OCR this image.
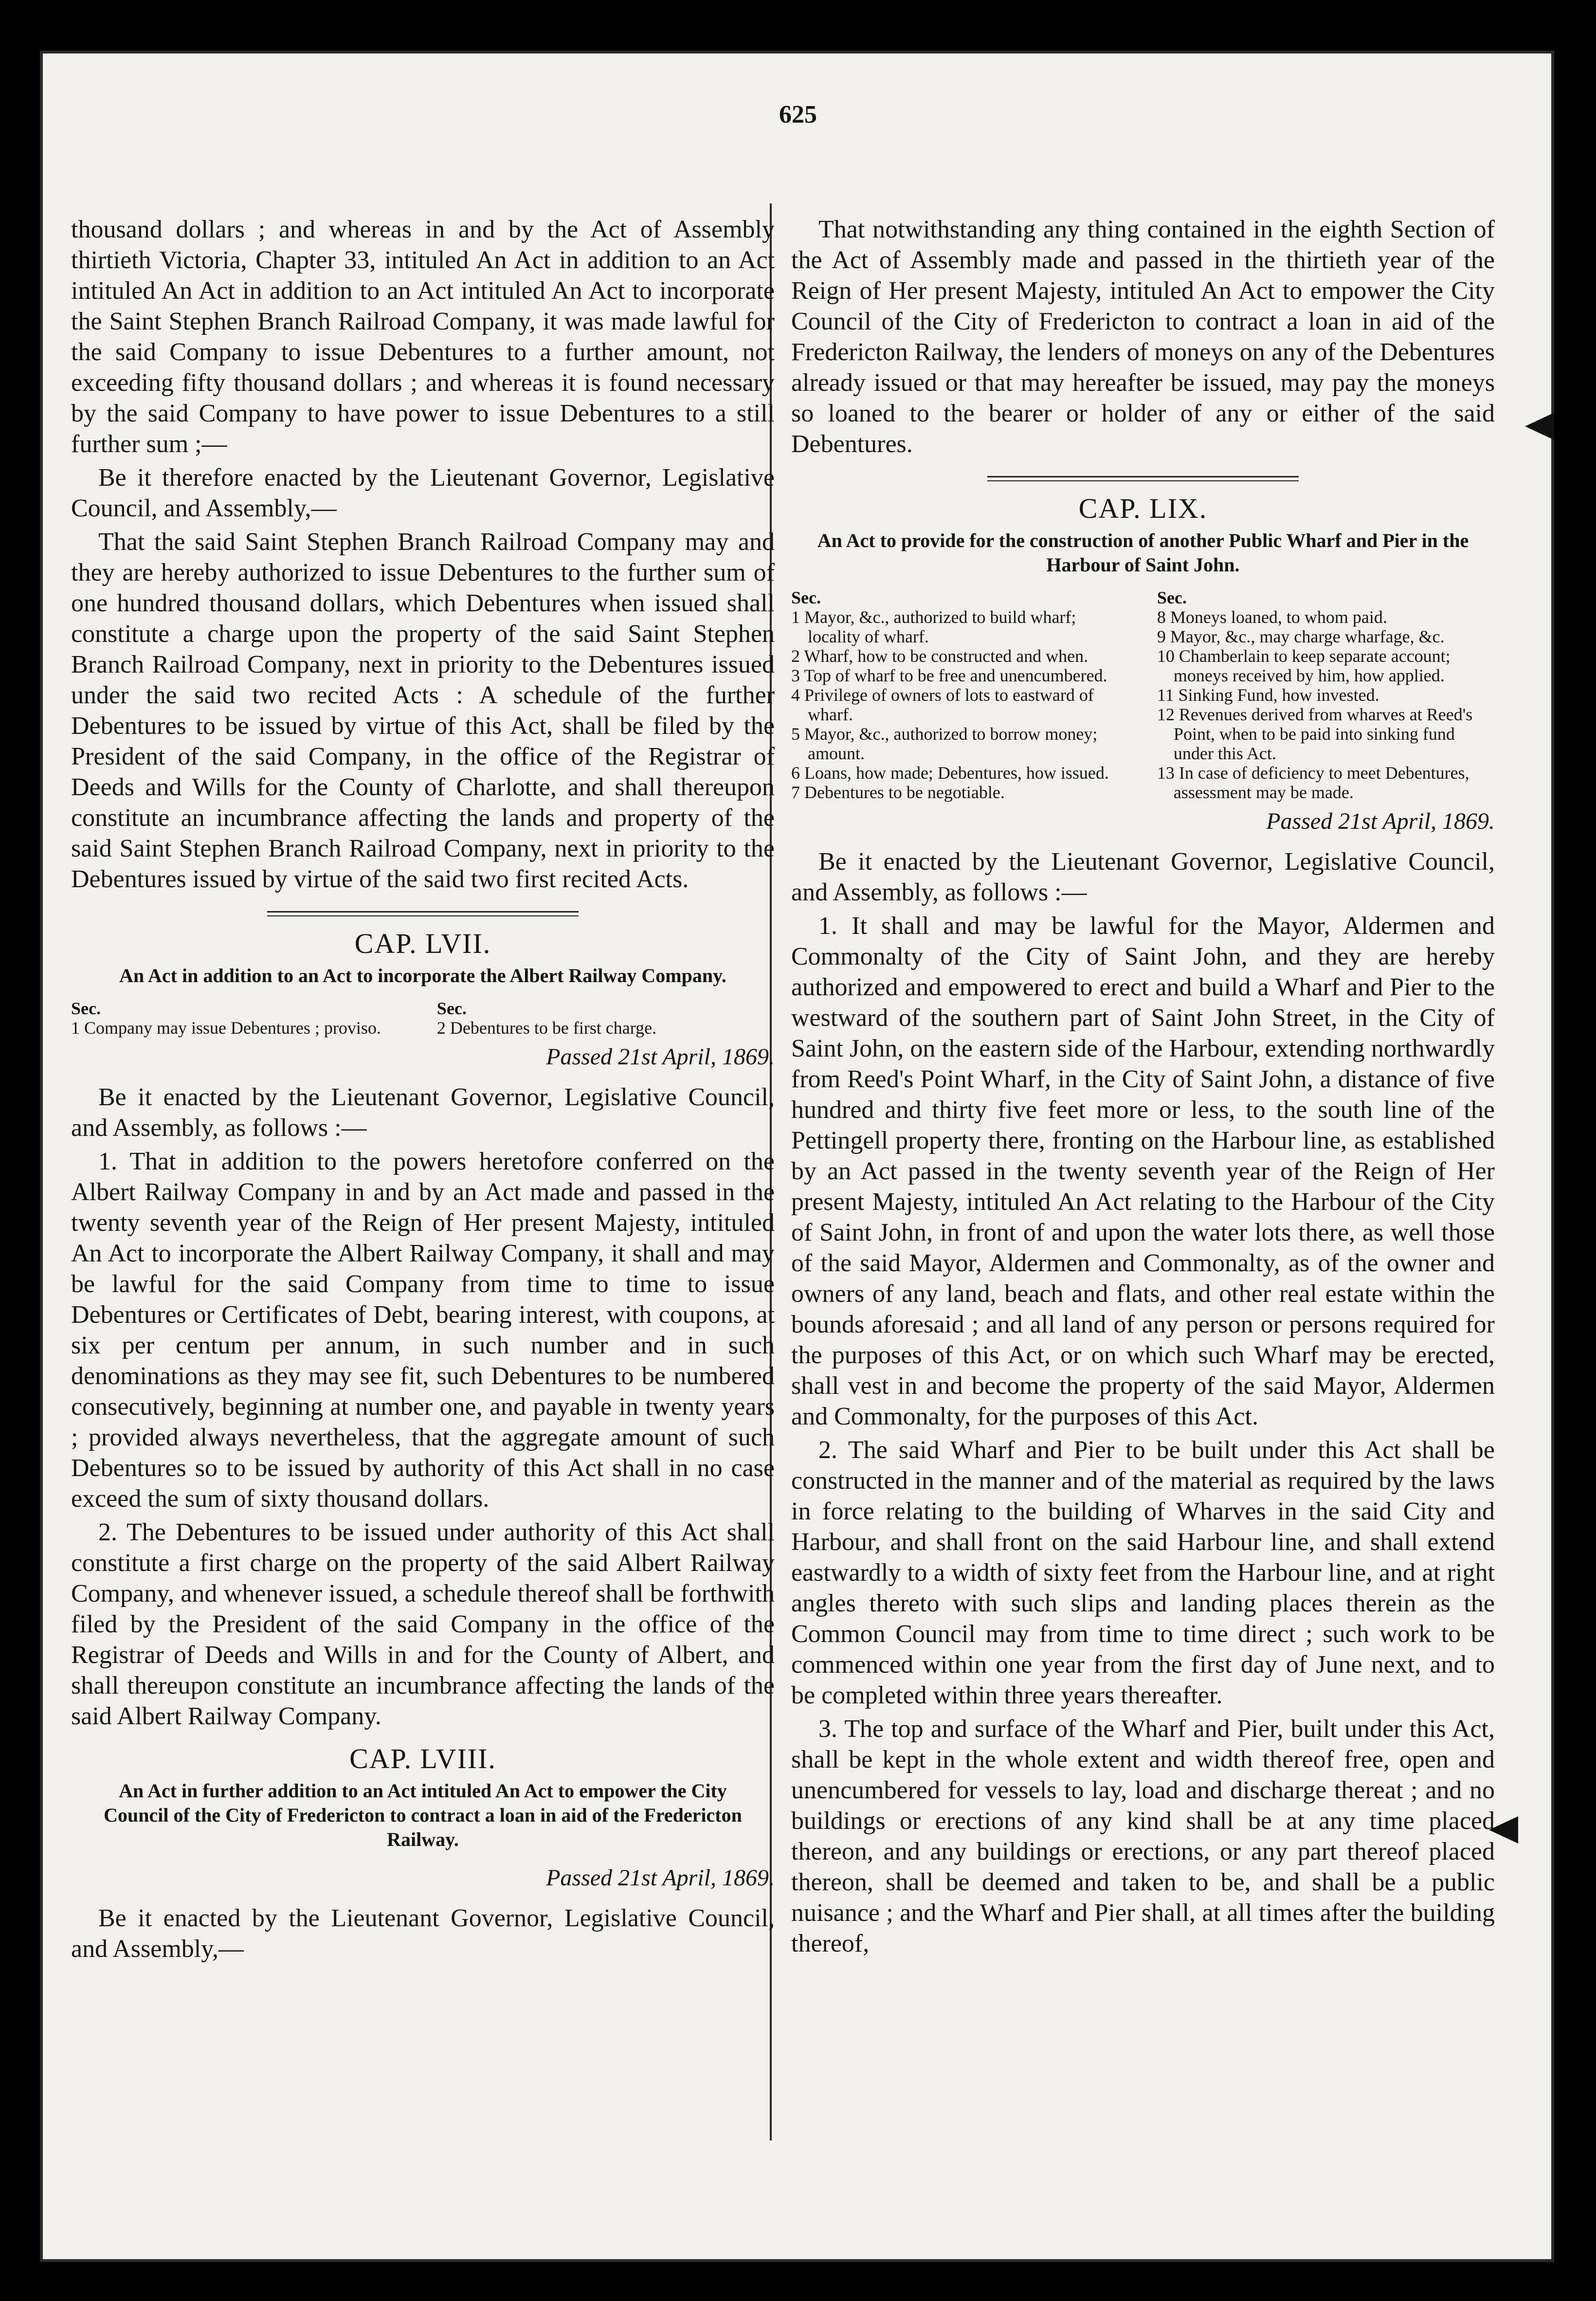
625

thousand dollars ; and whereas in and by the Act of Assembly thirtieth Victoria, Chapter 33, intituled An Act in addition to an Act intituled An Act in addition to an Act intituled An Act to incorporate the Saint Stephen Branch Railroad Company, it was made lawful for the said Company to issue Debentures to a further amount, not exceeding fifty thousand dollars ; and whereas it is found necessary by the said Company to have power to issue Debentures to a still further sum ;—

Be it therefore enacted by the Lieutenant Governor, Legislative Council, and Assembly,—

That the said Saint Stephen Branch Railroad Company may and they are hereby authorized to issue Debentures to the further sum of one hundred thousand dollars, which Debentures when issued shall constitute a charge upon the property of the said Saint Stephen Branch Railroad Company, next in priority to the Debentures issued under the said two recited Acts : A schedule of the further Debentures to be issued by virtue of this Act, shall be filed by the President of the said Company, in the office of the Registrar of Deeds and Wills for the County of Charlotte, and shall thereupon constitute an incumbrance affecting the lands and property of the said Saint Stephen Branch Railroad Company, next in priority to the Debentures issued by virtue of the said two first recited Acts.

CAP. LVII.
An Act in addition to an Act to incorporate the Albert Railway Company.
Sec.

1 Company may issue Debentures ; proviso.

Sec.

2 Debentures to be first charge.

Passed 21st April, 1869.

Be it enacted by the Lieutenant Governor, Legislative Council, and Assembly, as follows :—

1. That in addition to the powers heretofore conferred on the Albert Railway Company in and by an Act made and passed in the twenty seventh year of the Reign of Her present Majesty, intituled An Act to incorporate the Albert Railway Company, it shall and may be lawful for the said Company from time to time to issue Debentures or Certificates of Debt, bearing interest, with coupons, at six per centum per annum, in such number and in such denominations as they may see fit, such Debentures to be numbered consecutively, beginning at number one, and payable in twenty years ; provided always nevertheless, that the aggregate amount of such Debentures so to be issued by authority of this Act shall in no case exceed the sum of sixty thousand dollars.

2. The Debentures to be issued under authority of this Act shall constitute a first charge on the property of the said Albert Railway Company, and whenever issued, a schedule thereof shall be forthwith filed by the President of the said Company in the office of the Registrar of Deeds and Wills in and for the County of Albert, and shall thereupon constitute an incumbrance affecting the lands of the said Albert Railway Company.

CAP. LVIII.
An Act in further addition to an Act intituled An Act to empower the City Council of the City of Fredericton to contract a loan in aid of the Fredericton Railway.
Passed 21st April, 1869.

Be it enacted by the Lieutenant Governor, Legislative Council, and Assembly,—

That notwithstanding any thing contained in the eighth Section of the Act of Assembly made and passed in the thirtieth year of the Reign of Her present Majesty, intituled An Act to empower the City Council of the City of Fredericton to contract a loan in aid of the Fredericton Railway, the lenders of moneys on any of the Debentures already issued or that may hereafter be issued, may pay the moneys so loaned to the bearer or holder of any or either of the said Debentures.

CAP. LIX.
An Act to provide for the construction of another Public Wharf and Pier in the Harbour of Saint John.
Sec.

1 Mayor, &c., authorized to build wharf; locality of wharf.

2 Wharf, how to be constructed and when.

3 Top of wharf to be free and unencumbered.

4 Privilege of owners of lots to eastward of wharf.

5 Mayor, &c., authorized to borrow money; amount.

6 Loans, how made; Debentures, how issued.

7 Debentures to be negotiable.

Sec.

8 Moneys loaned, to whom paid.

9 Mayor, &c., may charge wharfage, &c.

10 Chamberlain to keep separate account; moneys received by him, how applied.

11 Sinking Fund, how invested.

12 Revenues derived from wharves at Reed's Point, when to be paid into sinking fund under this Act.

13 In case of deficiency to meet Debentures, assessment may be made.

Passed 21st April, 1869.

Be it enacted by the Lieutenant Governor, Legislative Council, and Assembly, as follows :—

1. It shall and may be lawful for the Mayor, Aldermen and Commonalty of the City of Saint John, and they are hereby authorized and empowered to erect and build a Wharf and Pier to the westward of the southern part of Saint John Street, in the City of Saint John, on the eastern side of the Harbour, extending northwardly from Reed's Point Wharf, in the City of Saint John, a distance of five hundred and thirty five feet more or less, to the south line of the Pettingell property there, fronting on the Harbour line, as established by an Act passed in the twenty seventh year of the Reign of Her present Majesty, intituled An Act relating to the Harbour of the City of Saint John, in front of and upon the water lots there, as well those of the said Mayor, Aldermen and Commonalty, as of the owner and owners of any land, beach and flats, and other real estate within the bounds aforesaid ; and all land of any person or persons required for the purposes of this Act, or on which such Wharf may be erected, shall vest in and become the property of the said Mayor, Aldermen and Commonalty, for the purposes of this Act.

2. The said Wharf and Pier to be built under this Act shall be constructed in the manner and of the material as required by the laws in force relating to the building of Wharves in the said City and Harbour, and shall front on the said Harbour line, and shall extend eastwardly to a width of sixty feet from the Harbour line, and at right angles thereto with such slips and landing places therein as the Common Council may from time to time direct ; such work to be commenced within one year from the first day of June next, and to be completed within three years thereafter.

3. The top and surface of the Wharf and Pier, built under this Act, shall be kept in the whole extent and width thereof free, open and unencumbered for vessels to lay, load and discharge thereat ; and no buildings or erections of any kind shall be at any time placed thereon, and any buildings or erections, or any part thereof placed thereon, shall be deemed and taken to be, and shall be a public nuisance ; and the Wharf and Pier shall, at all times after the building thereof,
